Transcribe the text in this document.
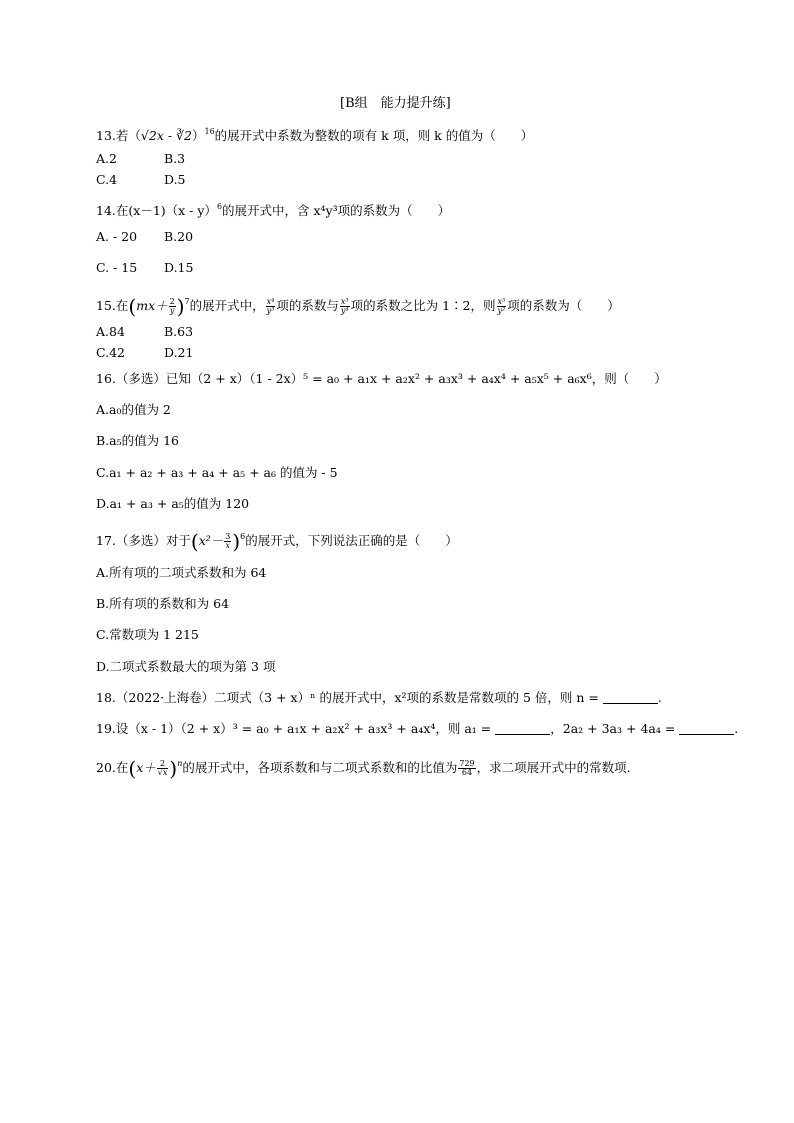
[B组　能力提升练]
13.若（√2x - ∛2）$^{16}$的展开式中系数为整数的项有 k 项，则 k 的值为（　　）
A.2	B.3
C.4	D.5
14.在(x－1)（x - y）$^6$的展开式中，含 x⁴y³项的系数为（　　）
A. - 20 B.20
C. - 15 D.15
15.在$(mx+ \frac{2}{y} )^7$的展开式中， $\frac{\text{x⁴}}{\text{y³}}$ 项的系数与 $\frac{\text{x³}}{\text{y⁴}}$ 项的系数之比为 1∶2，则 $\frac{\text{x⁵}}{\text{y²}}$ 项的系数为（　　）
A.84	B.63
C.42	D.21
16.（多选）已知（2 + x）（1 - 2x）⁵ = a₀ + a₁x + a₂x² + a₃x³ + a₄x⁴ + a₅x⁵ + a₆x⁶，则（　　）
A.a₀的值为 2
B.a₅的值为 16
C.a₁ + a₂ + a₃ + a₄ + a₅ + a₆ 的值为 - 5
D.a₁ + a₃ + a₅的值为 120
17.（多选）对于$(x^2- \frac{3}{x} )^6$的展开式，下列说法正确的是（　　）
A.所有项的二项式系数和为 64
B.所有项的系数和为 64
C.常数项为 1 215
D.二项式系数最大的项为第 3 项
18.（2022·上海卷）二项式（3 + x）ⁿ 的展开式中，x²项的系数是常数项的 5 倍，则 n =	.
19.设（x - 1）（2 + x）³ = a₀ + a₁x + a₂x² + a₃x³ + a₄x⁴，则 a₁ =	，2a₂ + 3a₃ + 4a₄ =	.
20.在$(x+ \frac{2}{√x} )^n$的展开式中，各项系数和与二项式系数和的比值为 $\frac{729}{64}$ ，求二项展开式中的常数项.
